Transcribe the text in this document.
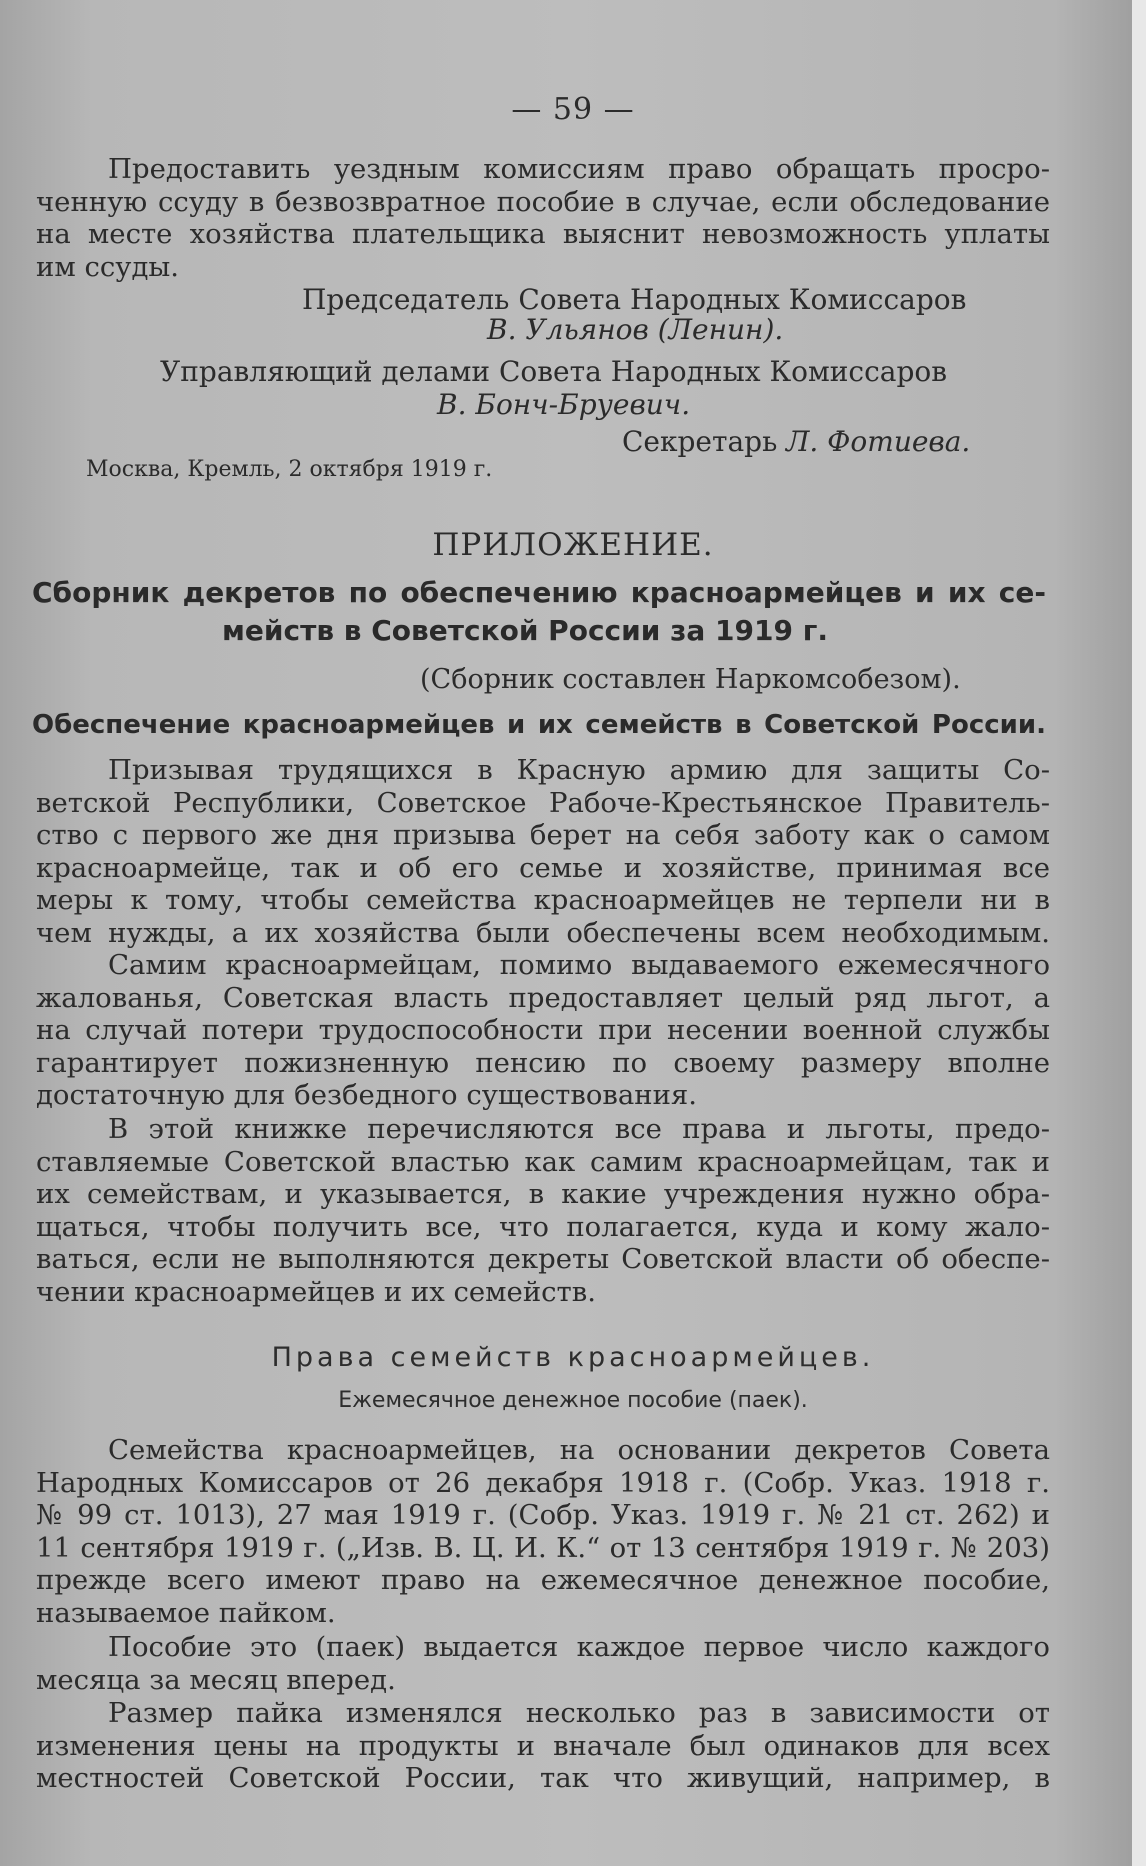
— 59 —
Предоставить уездным комиссиям право обращать просро-
ченную ссуду в безвозвратное пособие в случае, если обследование
на месте хозяйства плательщика выяснит невозможность уплаты
им ссуды.
Председатель Совета Народных Комиссаров
В. Ульянов (Ленин).
Управляющий делами Совета Народных Комиссаров
В. Бонч-Бруевич.
Секретарь Л. Фотиева.
Москва, Кремль, 2 октября 1919 г.
ПРИЛОЖЕНИЕ.
Сборник декретов по обеспечению красноармейцев и их се-
мейств в Советской России за 1919 г.
(Сборник составлен Наркомсобезом).
Обеспечение красноармейцев и их семейств в Советской России.
Призывая трудящихся в Красную армию для защиты Со-
ветской Республики, Советское Рабоче-Крестьянское Правитель-
ство с первого же дня призыва берет на себя заботу как о самом
красноармейце, так и об его семье и хозяйстве, принимая все
меры к тому, чтобы семейства красноармейцев не терпели ни в
чем нужды, а их хозяйства были обеспечены всем необходимым.
Самим красноармейцам, помимо выдаваемого ежемесячного
жалованья, Советская власть предоставляет целый ряд льгот, а
на случай потери трудоспособности при несении военной службы
гарантирует пожизненную пенсию по своему размеру вполне
достаточную для безбедного существования.
В этой книжке перечисляются все права и льготы, предо-
ставляемые Советской властью как самим красноармейцам, так и
их семействам, и указывается, в какие учреждения нужно обра-
щаться, чтобы получить все, что полагается, куда и кому жало-
ваться, если не выполняются декреты Советской власти об обеспе-
чении красноармейцев и их семейств.
Права семейств красноармейцев.
Ежемесячное денежное пособие (паек).
Семейства красноармейцев, на основании декретов Совета
Народных Комиссаров от 26 декабря 1918 г. (Собр. Указ. 1918 г.
№ 99 ст. 1013), 27 мая 1919 г. (Собр. Указ. 1919 г. № 21 ст. 262) и
11 сентября 1919 г. („Изв. В. Ц. И. К.“ от 13 сентября 1919 г. № 203)
прежде всего имеют право на ежемесячное денежное пособие,
называемое пайком.
Пособие это (паек) выдается каждое первое число каждого
месяца за месяц вперед.
Размер пайка изменялся несколько раз в зависимости от
изменения цены на продукты и вначале был одинаков для всех
местностей Советской России, так что живущий, например, в
